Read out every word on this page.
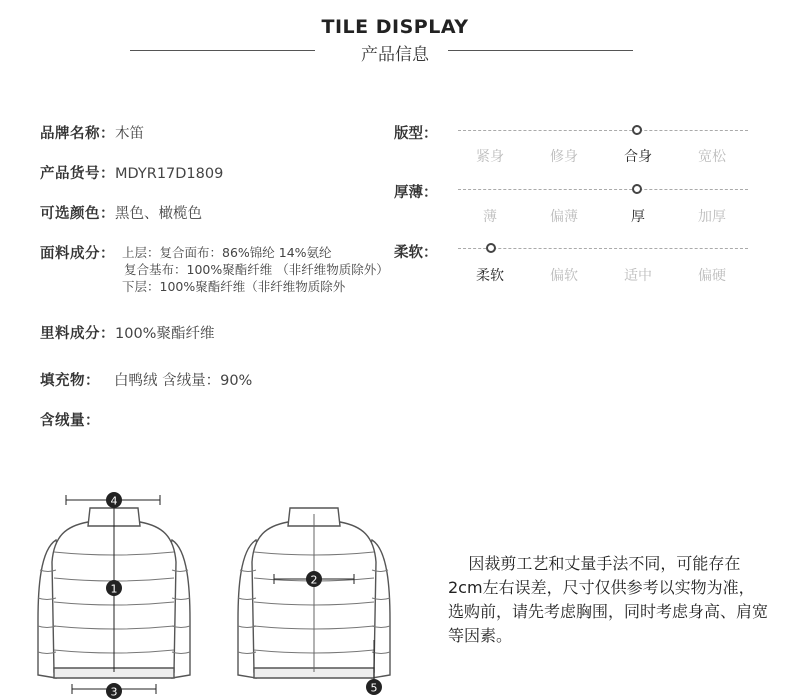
TILE DISPLAY
产品信息
品牌名称：木笛
产品货号：MDYR17D1809
可选颜色：黑色、橄榄色
面料成分： 上层：复合面布：86%锦纶 14%氨纶
复合基布：100%聚酯纤维 （非纤维物质除外）
下层：100%聚酯纤维（非纤维物质除外
里料成分：100%聚酯纤维
填充物： 白鸭绒 含绒量：90%
含绒量：
版型：
紧身	修身	合身	宽松
厚薄：
薄	偏薄	厚	加厚
柔软：
柔软	偏软	适中	偏硬
4
1
3
2
5
因裁剪工艺和丈量手法不同，可能存在2cm左右误差，尺寸仅供参考以实物为准，选购前，请先考虑胸围，同时考虑身高、肩宽等因素。
